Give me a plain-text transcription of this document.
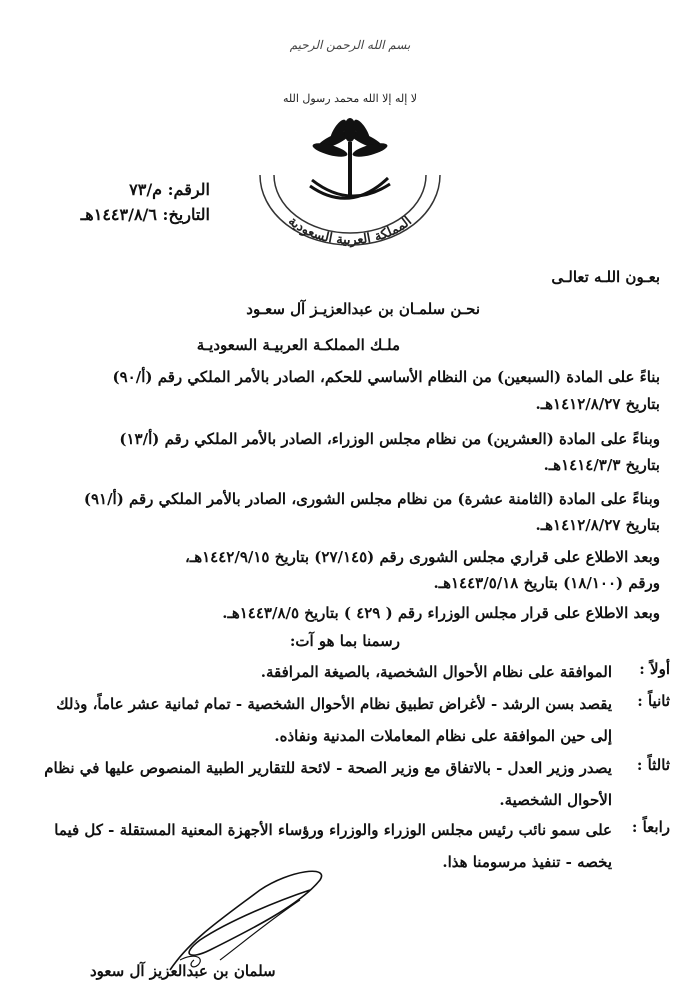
بسم الله الرحمن الرحيم
لا إله إلا الله محمد رسول الله
المملكة العربية السعودية
الرقم: م/٧٣
التاريخ: ١٤٤٣/٨/٦هـ
بعـون اللـه تعالـى
نحـن سلمـان بن عبدالعزيـز آل سعـود
ملـك المملكـة العربيـة السعوديـة
بناءً على المادة (السبعين) من النظام الأساسي للحكم، الصادر بالأمر الملكي رقم (أ/٩٠)
بتاريخ ١٤١٢/٨/٢٧هـ.
وبناءً على المادة (العشرين) من نظام مجلس الوزراء، الصادر بالأمر الملكي رقم (أ/١٣)
بتاريخ ١٤١٤/٣/٣هـ.
وبناءً على المادة (الثامنة عشرة) من نظام مجلس الشورى، الصادر بالأمر الملكي رقم (أ/٩١)
بتاريخ ١٤١٢/٨/٢٧هـ.
وبعد الاطلاع على قراري مجلس الشورى رقم (٢٧/١٤٥) بتاريخ ١٤٤٢/٩/١٥هـ،
ورقم (١٨/١٠٠) بتاريخ ١٤٤٣/٥/١٨هـ.
وبعد الاطلاع على قرار مجلس الوزراء رقم ( ٤٢٩ ) بتاريخ ١٤٤٣/٨/٥هـ.
رسمنا بما هو آت:
أولاً :
الموافقة على نظام الأحوال الشخصية، بالصيغة المرافقة.
ثانياً :
يقصد بسن الرشد - لأغراض تطبيق نظام الأحوال الشخصية - تمام ثمانية عشر عاماً، وذلك إلى حين الموافقة على نظام المعاملات المدنية ونفاذه.
ثالثاً :
يصدر وزير العدل - بالاتفاق مع وزير الصحة - لائحة للتقارير الطبية المنصوص عليها في نظام الأحوال الشخصية.
رابعاً :
على سمو نائب رئيس مجلس الوزراء والوزراء ورؤساء الأجهزة المعنية المستقلة - كل فيما يخصه - تنفيذ مرسومنا هذا.
سلمان بن عبدالعزيز آل سعود
